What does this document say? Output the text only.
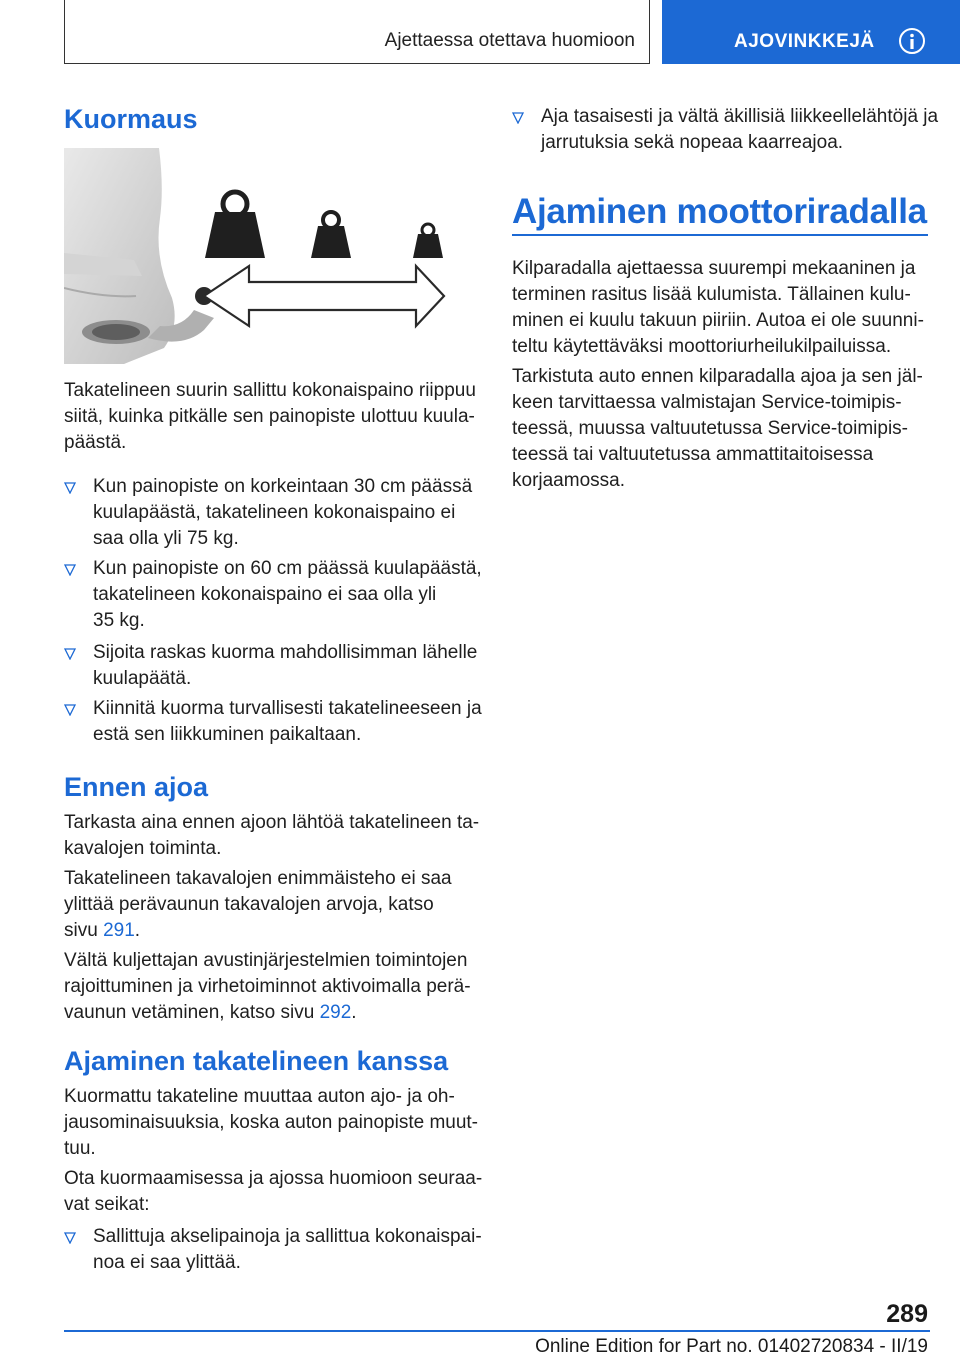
Ajettaessa otettava huomioon	AJOVINKKEJÄ
Kuormaus
Takatelineen suurin sallittu kokonaispaino riippuu
siitä, kuinka pitkälle sen painopiste ulottuu kuula-
päästä.
Kun painopiste on korkeintaan 30 cm päässä
kuulapäästä, takatelineen kokonaispaino ei
saa olla yli 75 kg.
Kun painopiste on 60 cm päässä kuulapäästä,
takatelineen kokonaispaino ei saa olla yli
35 kg.
Sijoita raskas kuorma mahdollisimman lähelle
kuulapäätä.
Kiinnitä kuorma turvallisesti takatelineeseen ja
estä sen liikkuminen paikaltaan.
Ennen ajoa
Tarkasta aina ennen ajoon lähtöä takatelineen ta-
kavalojen toiminta.
Takatelineen takavalojen enimmäisteho ei saa
ylittää perävaunun takavalojen arvoja, katso
sivu 291.
Vältä kuljettajan avustinjärjestelmien toimintojen
rajoittuminen ja virhetoiminnot aktivoimalla perä-
vaunun vetäminen, katso sivu 292.
Ajaminen takatelineen kanssa
Kuormattu takateline muuttaa auton ajo- ja oh-
jausominaisuuksia, koska auton painopiste muut-
tuu.
Ota kuormaamisessa ja ajossa huomioon seuraa-
vat seikat:
Sallittuja akselipainoja ja sallittua kokonaispai-
noa ei saa ylittää.
Aja tasaisesti ja vältä äkillisiä liikkeellelähtöjä ja
jarrutuksia sekä nopeaa kaarreajoa.
Ajaminen moottoriradalla
Kilparadalla ajettaessa suurempi mekaaninen ja
terminen rasitus lisää kulumista. Tällainen kulu-
minen ei kuulu takuun piiriin. Autoa ei ole suunni-
teltu käytettäväksi moottoriurheilukilpailuissa.
Tarkistuta auto ennen kilparadalla ajoa ja sen jäl-
keen tarvittaessa valmistajan Service-toimipis-
teessä, muussa valtuutetussa Service-toimipis-
teessä tai valtuutetussa ammattitaitoisessa
korjaamossa.
289
Online Edition for Part no. 01402720834 - II/19
